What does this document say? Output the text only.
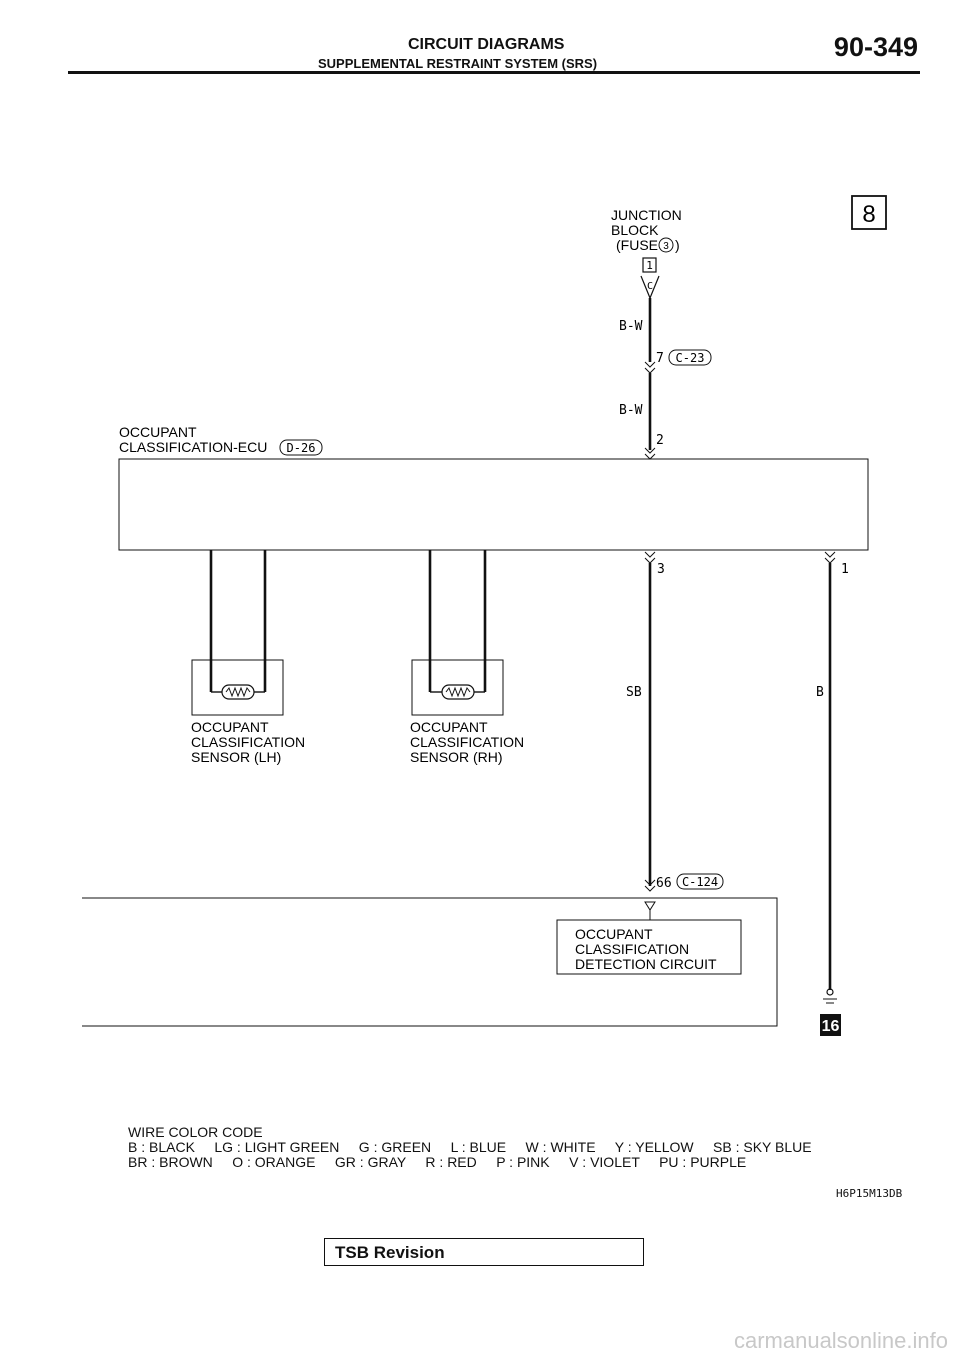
CIRCUIT DIAGRAMS
SUPPLEMENTAL RESTRAINT SYSTEM (SRS)
90-349
JUNCTION
BLOCK
(FUSE 3 )
1
C
8
B-W
7 C-23
B-W
2
OCCUPANT
CLASSIFICATION-ECU D-26
OCCUPANT
CLASSIFICATION
SENSOR (LH)
OCCUPANT
CLASSIFICATION
SENSOR (RH)
3
SB
66 C-124
1
B
16
OCCUPANT
CLASSIFICATION
DETECTION CIRCUIT
WIRE COLOR CODE
B : BLACK     LG : LIGHT GREEN     G : GREEN     L : BLUE     W : WHITE     Y : YELLOW     SB : SKY BLUE
BR : BROWN     O : ORANGE     GR : GRAY     R : RED     P : PINK     V : VIOLET     PU : PURPLE
H6P15M13DB
TSB Revision
carmanualsonline.info
